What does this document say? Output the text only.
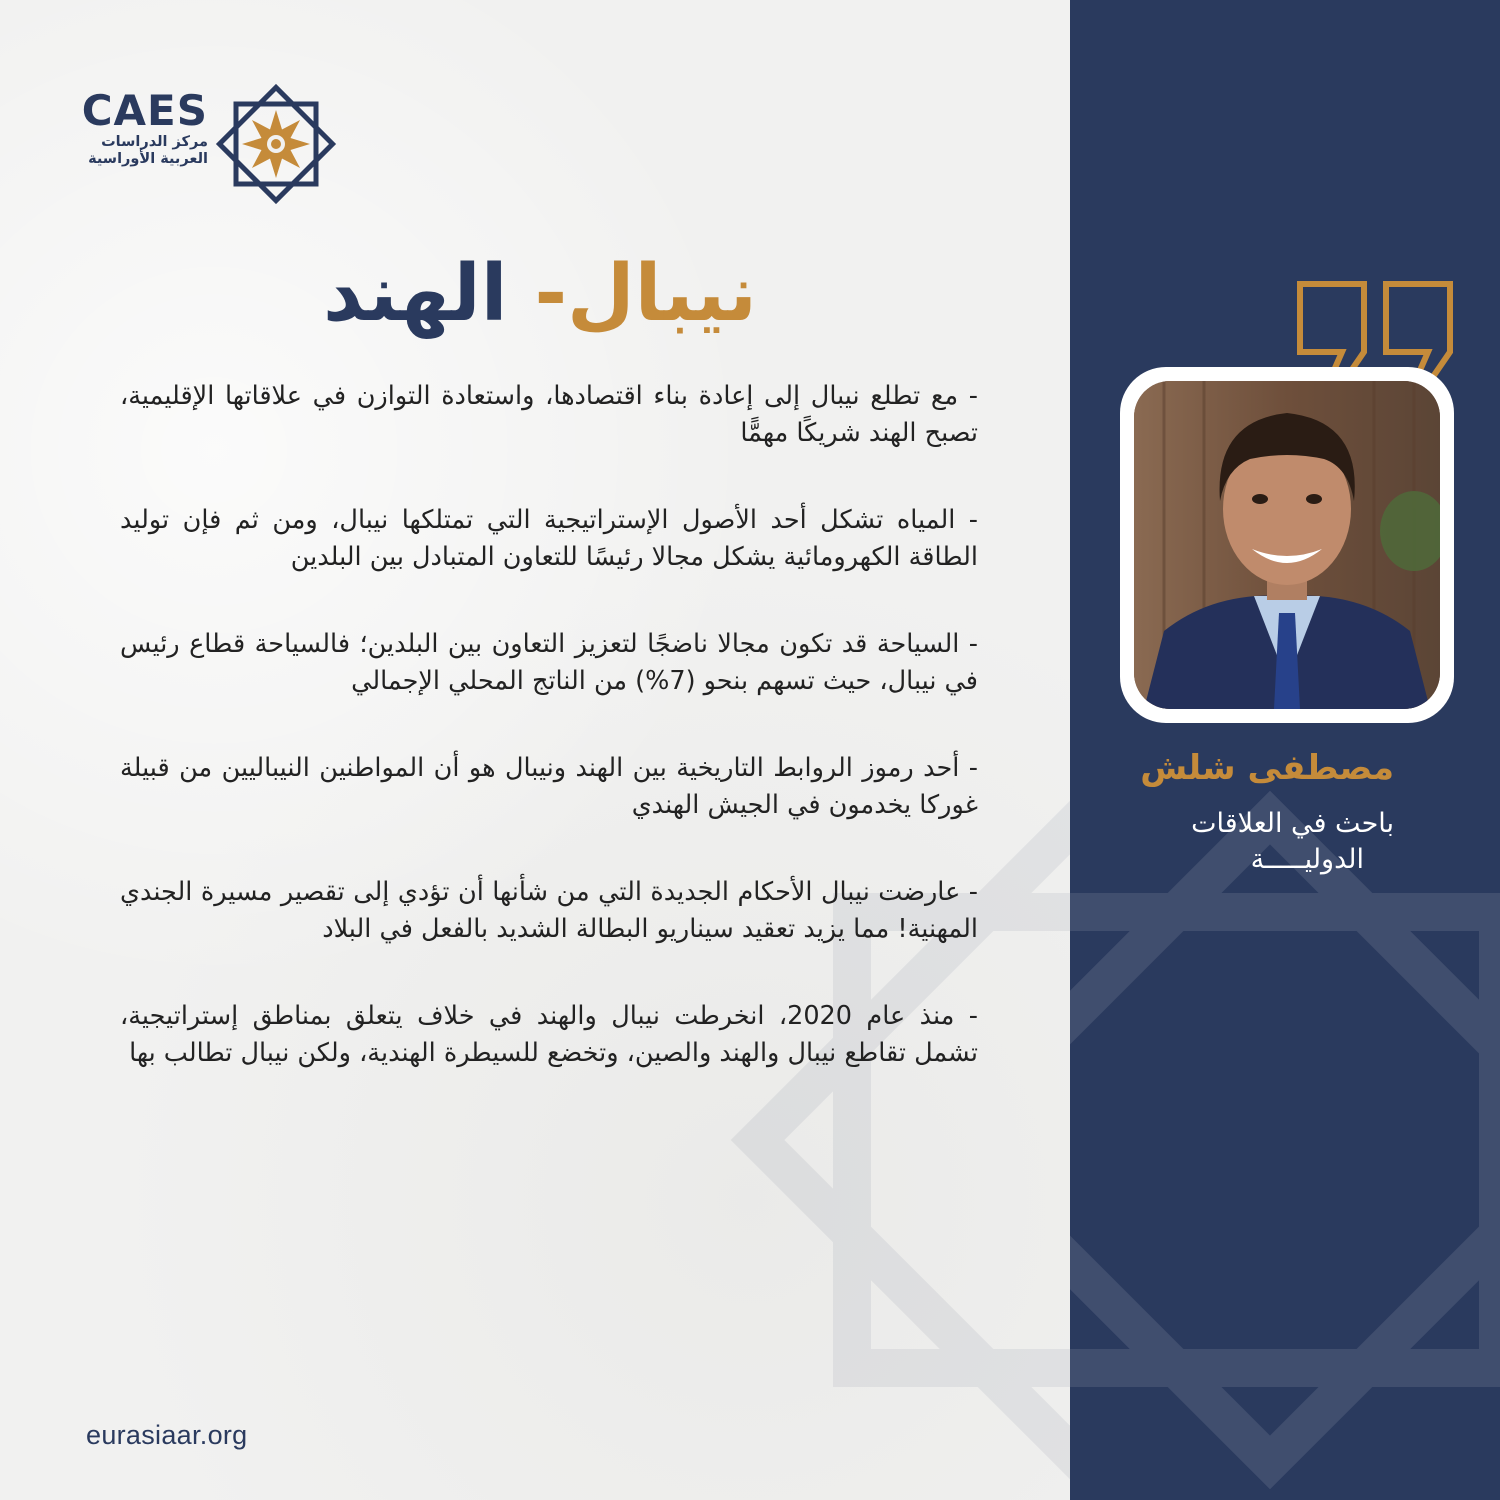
CAES
مركز الدراسات
العربية الأوراسية
نيبال- الهند

- مع تطلع نيبال إلى إعادة بناء اقتصادها، واستعادة التوازن في علاقاتها الإقليمية، تصبح الهند شريكًا مهمًّا

- المياه تشكل أحد الأصول الإستراتيجية التي تمتلكها نيبال، ومن ثم فإن توليد الطاقة الكهرومائية يشكل مجالا رئيسًا للتعاون المتبادل بين البلدين

- السياحة قد تكون مجالا ناضجًا لتعزيز التعاون بين البلدين؛ فالسياحة قطاع رئيس في نيبال، حيث تسهم بنحو (7%) من الناتج المحلي الإجمالي

- أحد رموز الروابط التاريخية بين الهند ونيبال هو أن المواطنين النيباليين من قبيلة غوركا يخدمون في الجيش الهندي

- عارضت نيبال الأحكام الجديدة التي من شأنها أن تؤدي إلى تقصير مسيرة الجندي المهنية! مما يزيد تعقيد سيناريو البطالة الشديد بالفعل في البلاد

- منذ عام 2020، انخرطت نيبال والهند في خلاف يتعلق بمناطق إستراتيجية، تشمل تقاطع نيبال والهند والصين، وتخضع للسيطرة الهندية، ولكن نيبال تطالب بها

eurasiaar.org
مصطفى شلش
باحث في العلاقات
الدوليـــــة
